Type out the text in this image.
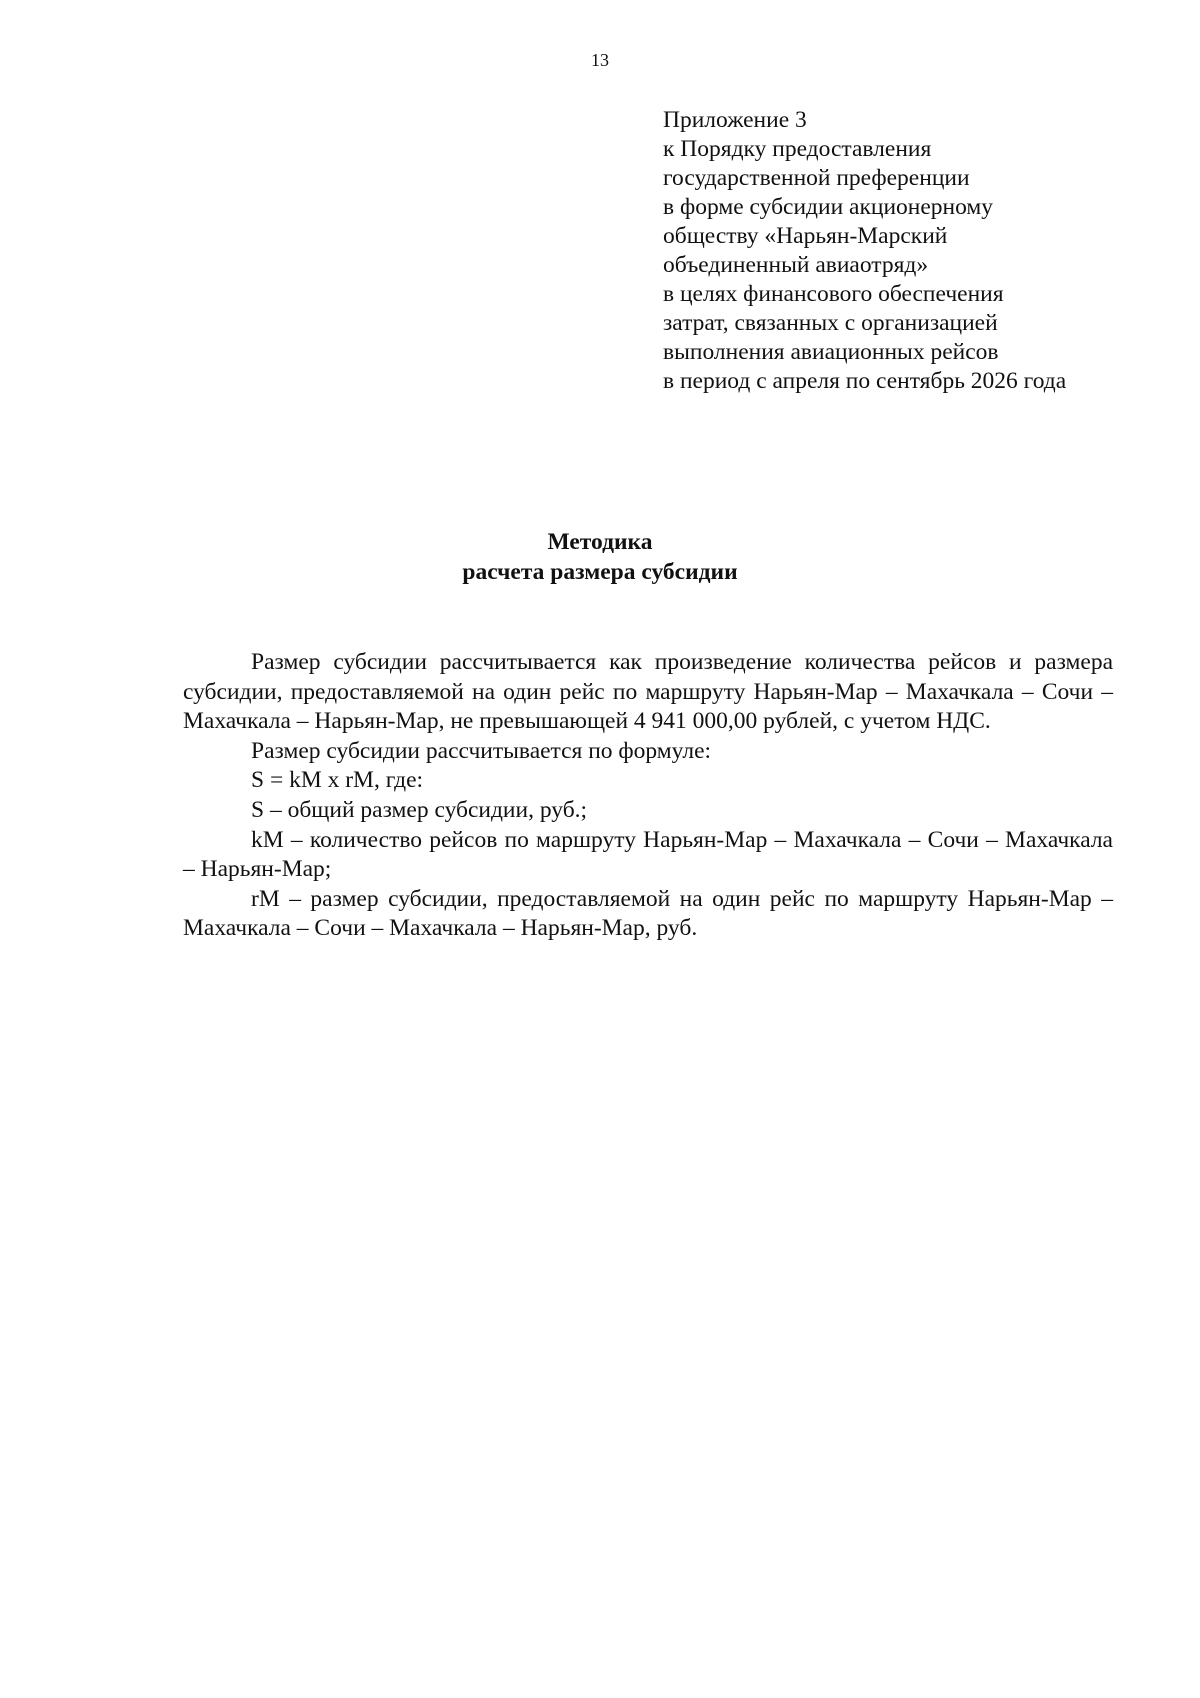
13
Приложение 3
к Порядку предоставления
государственной преференции
в форме субсидии акционерному
обществу «Нарьян-Марский
объединенный авиаотряд»
в целях финансового обеспечения
затрат, связанных с организацией
выполнения авиационных рейсов
в период с апреля по сентябрь 2026 года
Методика
расчета размера субсидии

Размер субсидии рассчитывается как произведение количества рейсов и размера субсидии, предоставляемой на один рейс по маршруту Нарьян-Мар – Махачкала – Сочи – Махачкала – Нарьян-Мар, не превышающей 4 941 000,00 рублей, с учетом НДС.

Размер субсидии рассчитывается по формуле:

S = kM x rM, где:

S – общий размер субсидии, руб.;

kM – количество рейсов по маршруту Нарьян-Мар – Махачкала – Сочи – Махачкала – Нарьян-Мар;

rM – размер субсидии, предоставляемой на один рейс по маршруту Нарьян-Мар – Махачкала – Сочи – Махачкала – Нарьян-Мар, руб.
